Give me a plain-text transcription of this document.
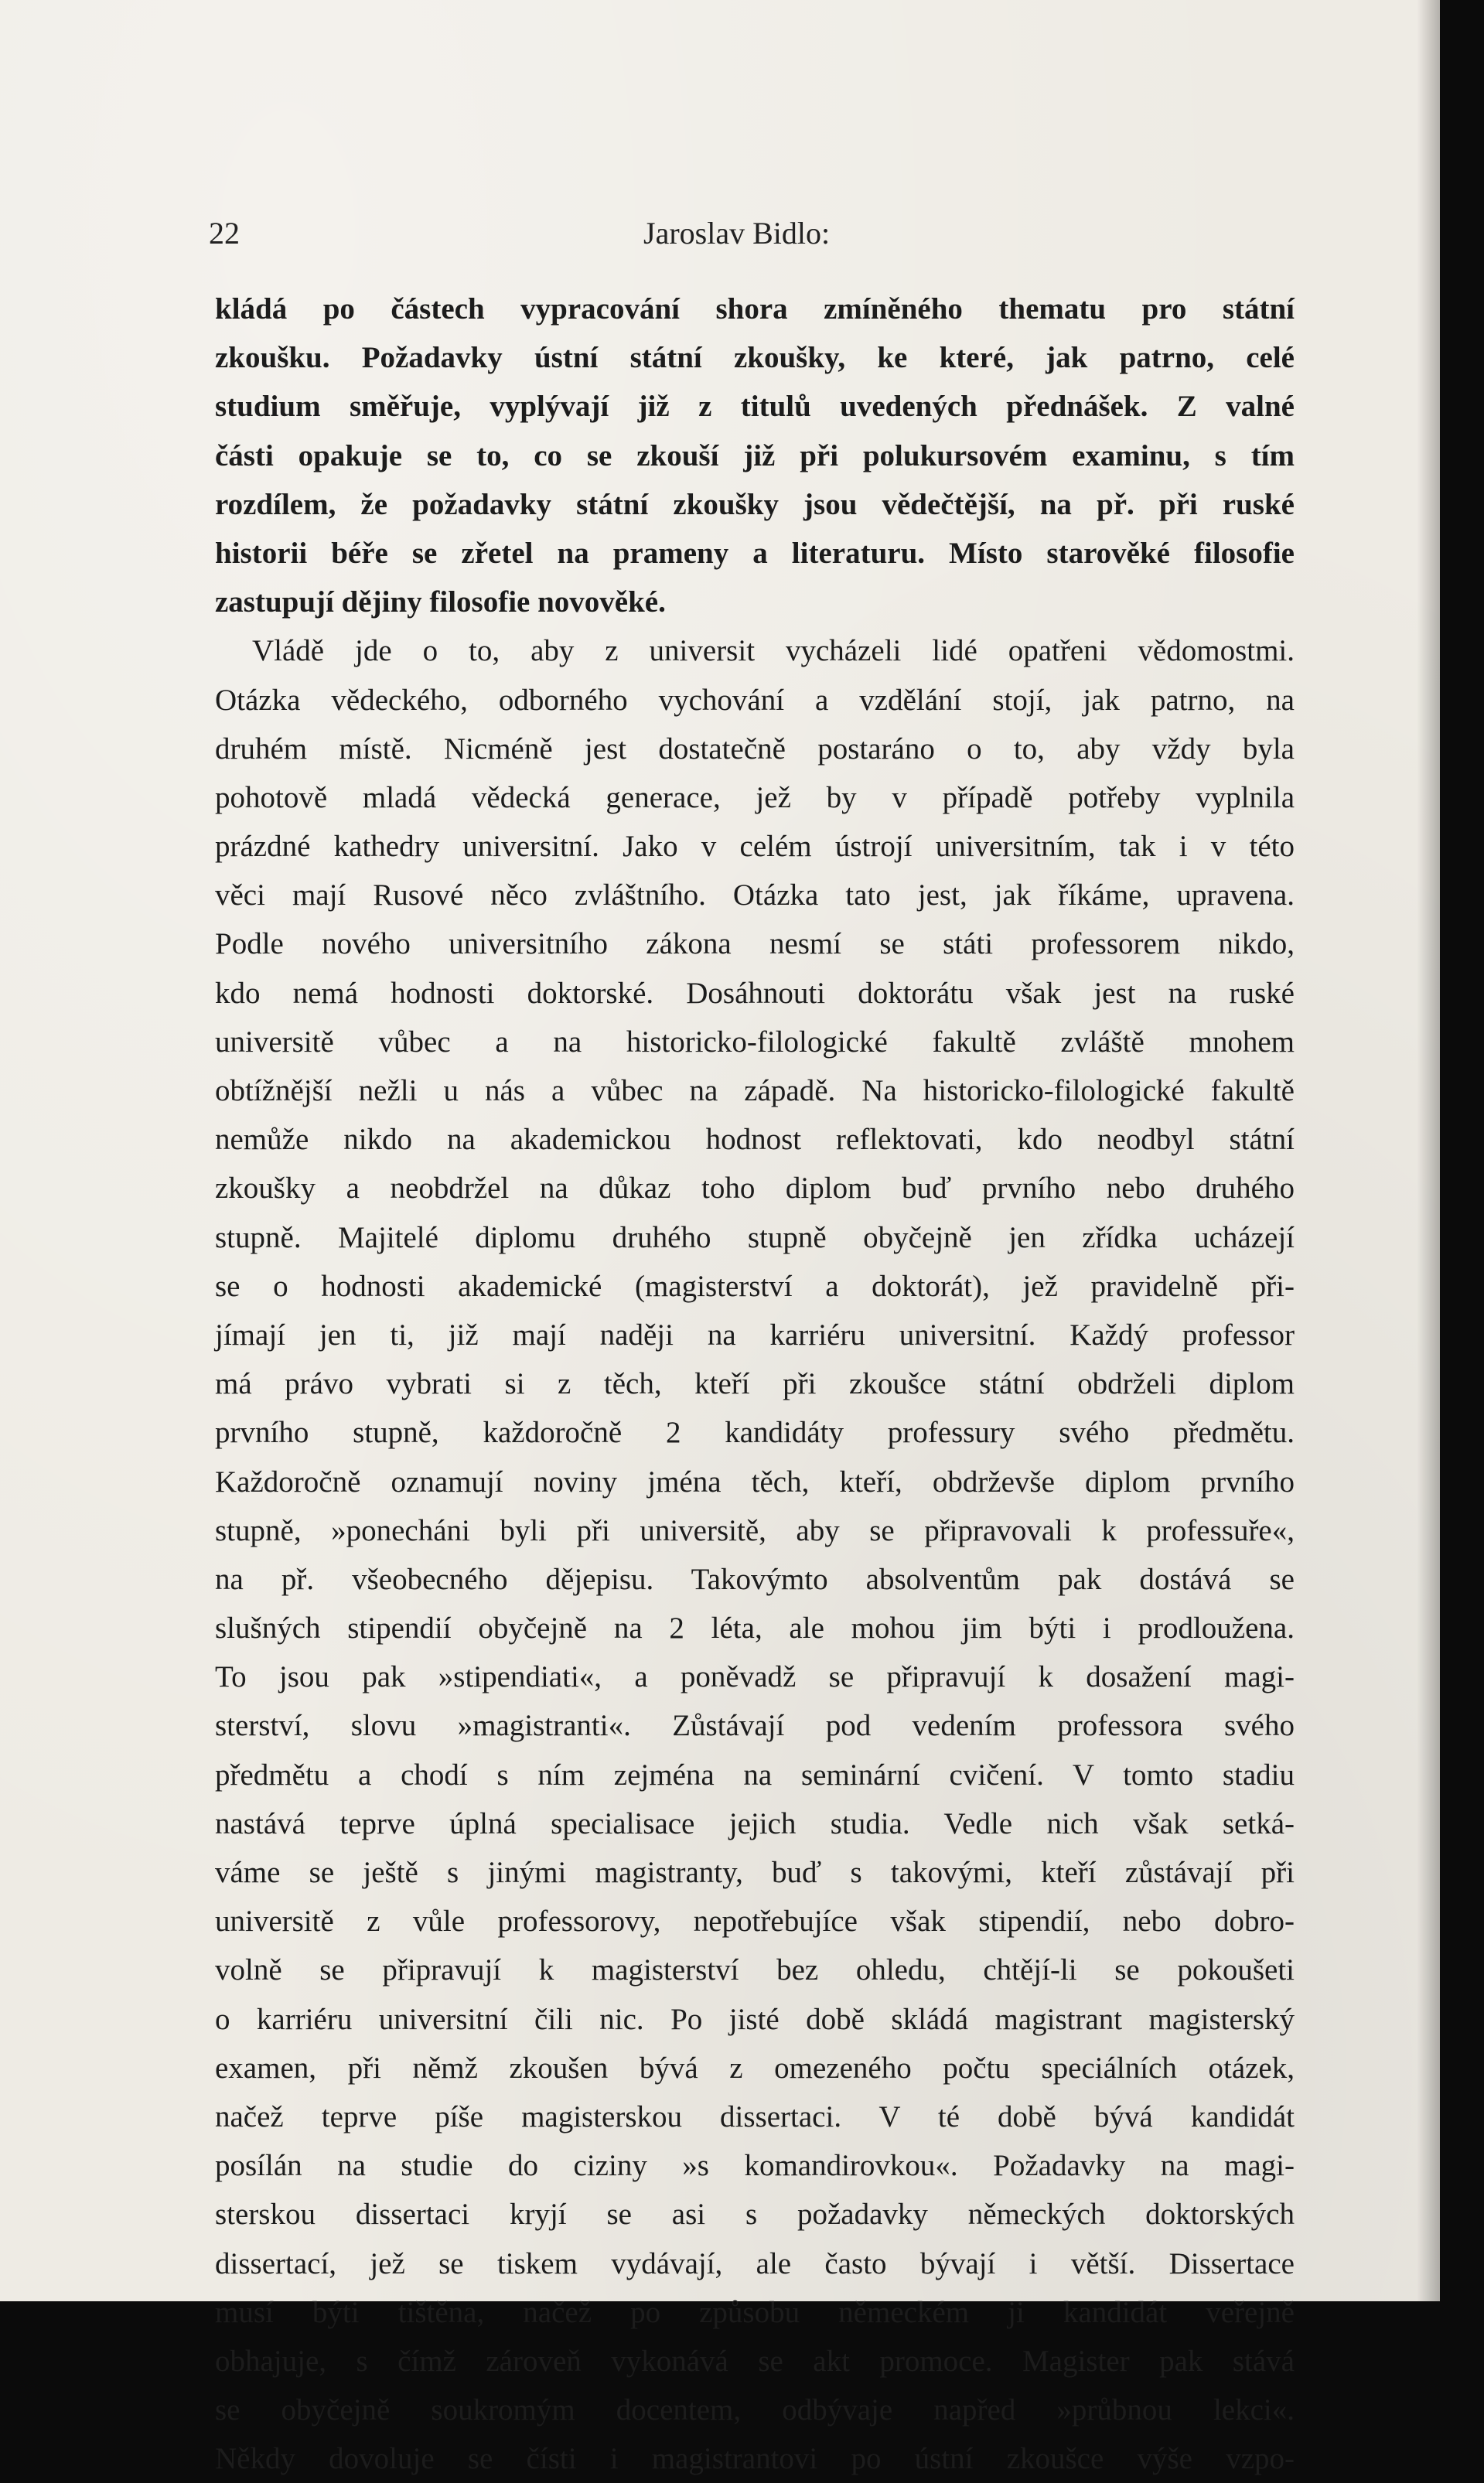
22	Jaroslav Bidlo:
kládá po částech vypracování shora zmíněného thematu pro státní
zkoušku. Požadavky ústní státní zkoušky, ke které, jak patrno, celé
studium směřuje, vyplývají již z titulů uvedených přednášek. Z valné
části opakuje se to, co se zkouší již při polukursovém examinu, s tím
rozdílem, že požadavky státní zkoušky jsou vědečtější, na př. při ruské
historii béře se zřetel na prameny a literaturu. Místo starověké filosofie
zastupují dějiny filosofie novověké.
Vládě jde o to, aby z universit vycházeli lidé opatřeni vědomostmi.
Otázka vědeckého, odborného vychování a vzdělání stojí, jak patrno, na
druhém místě. Nicméně jest dostatečně postaráno o to, aby vždy byla
pohotově mladá vědecká generace, jež by v případě potřeby vyplnila
prázdné kathedry universitní. Jako v celém ústrojí universitním, tak i v této
věci mají Rusové něco zvláštního. Otázka tato jest, jak říkáme, upravena.
Podle nového universitního zákona nesmí se státi professorem nikdo,
kdo nemá hodnosti doktorské. Dosáhnouti doktorátu však jest na ruské
universitě vůbec a na historicko-filologické fakultě zvláště mnohem
obtížnější nežli u nás a vůbec na západě. Na historicko-filologické fakultě
nemůže nikdo na akademickou hodnost reflektovati, kdo neodbyl státní
zkoušky a neobdržel na důkaz toho diplom buď prvního nebo druhého
stupně. Majitelé diplomu druhého stupně obyčejně jen zřídka ucházejí
se o hodnosti akademické (magisterství a doktorát), jež pravidelně při-
jímají jen ti, již mají naději na karriéru universitní. Každý professor
má právo vybrati si z těch, kteří při zkoušce státní obdrželi diplom
prvního stupně, každoročně 2 kandidáty professury svého předmětu.
Každoročně oznamují noviny jména těch, kteří, obdrževše diplom prvního
stupně, »ponecháni byli při universitě, aby se připravovali k professuře«,
na př. všeobecného dějepisu. Takovýmto absolventům pak dostává se
slušných stipendií obyčejně na 2 léta, ale mohou jim býti i prodloužena.
To jsou pak »stipendiati«, a poněvadž se připravují k dosažení magi-
sterství, slovu »magistranti«. Zůstávají pod vedením professora svého
předmětu a chodí s ním zejména na seminární cvičení. V tomto stadiu
nastává teprve úplná specialisace jejich studia. Vedle nich však setká-
váme se ještě s jinými magistranty, buď s takovými, kteří zůstávají při
universitě z vůle professorovy, nepotřebujíce však stipendií, nebo dobro-
volně se připravují k magisterství bez ohledu, chtějí-li se pokoušeti
o karriéru universitní čili nic. Po jisté době skládá magistrant magisterský
examen, při němž zkoušen bývá z omezeného počtu speciálních otázek,
načež teprve píše magisterskou dissertaci. V té době bývá kandidát
posílán na studie do ciziny »s komandirovkou«. Požadavky na magi-
sterskou dissertaci kryjí se asi s požadavky německých doktorských
dissertací, jež se tiskem vydávají, ale často bývají i větší. Dissertace
musí býti tištěna, načež po způsobu německém ji kandidát veřejně
obhajuje, s čímž zároveň vykonává se akt promoce. Magister pak stává
se obyčejně soukromým docentem, odbývaje napřed »průbnou lekci«.
Někdy dovoluje se čísti i magistrantovi po ústní zkoušce výše vzpo-
